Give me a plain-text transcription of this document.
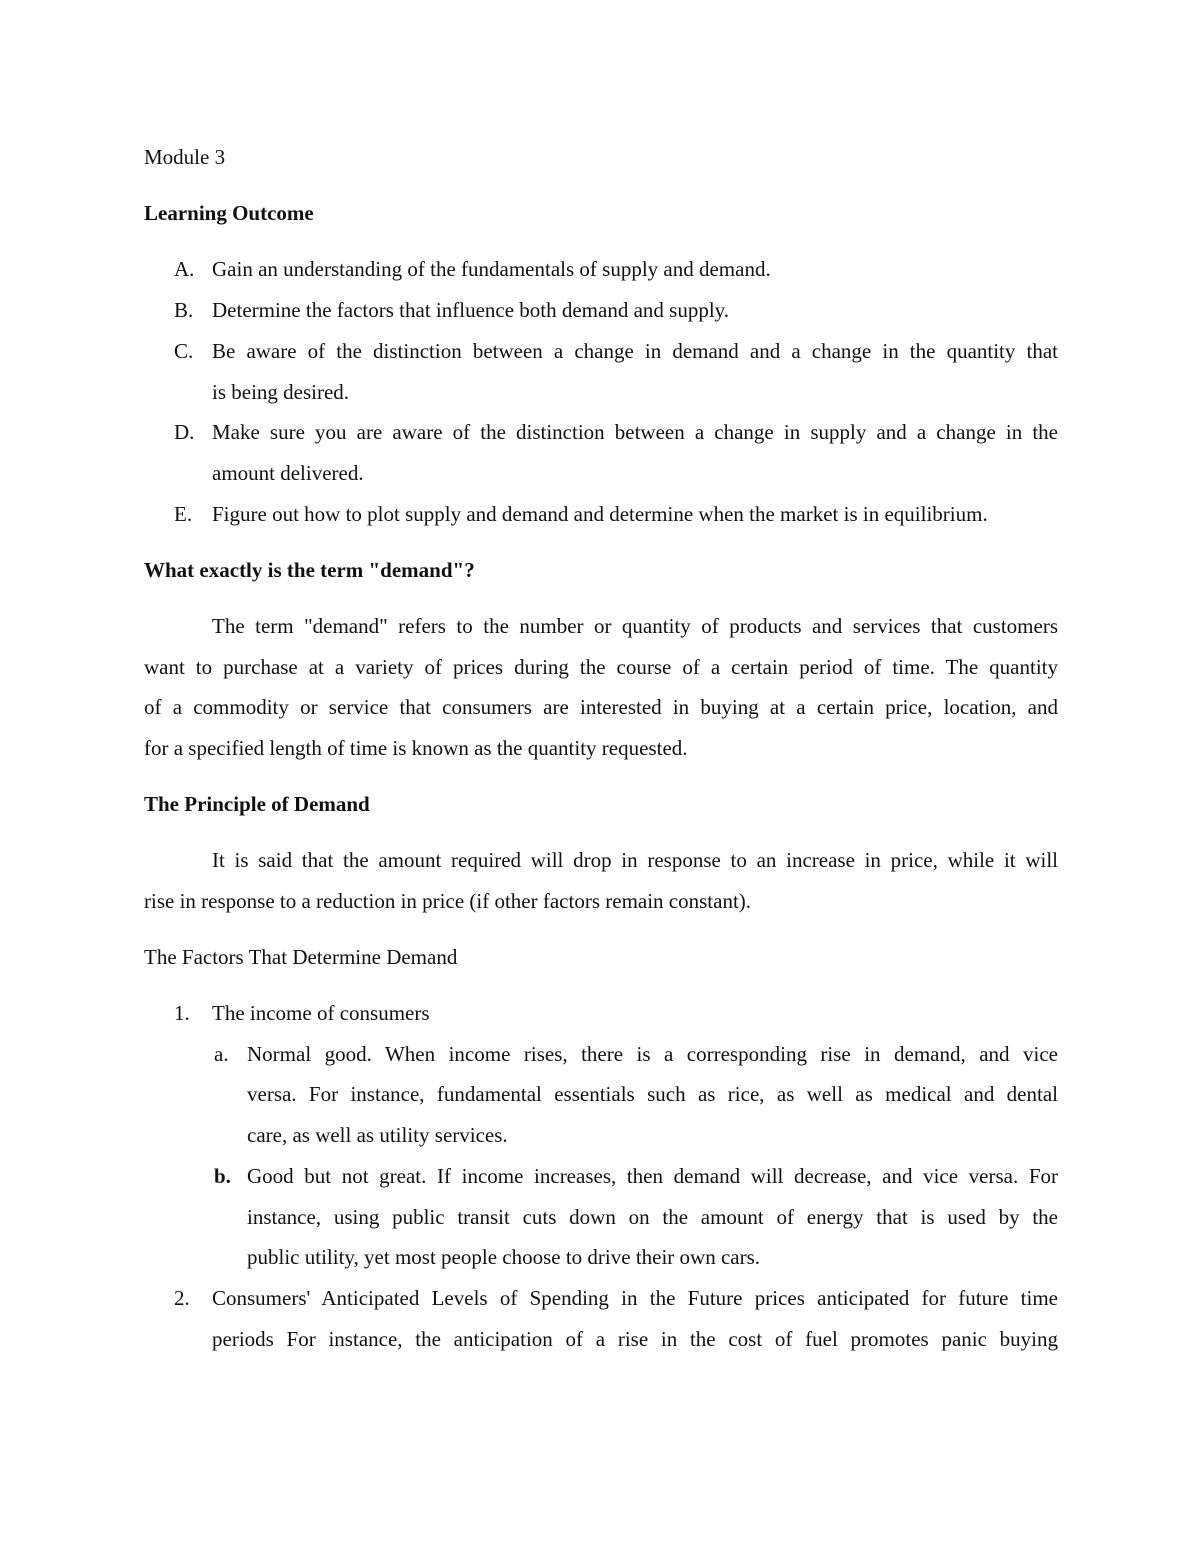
Module 3
Learning Outcome
A. Gain an understanding of the fundamentals of supply and demand.
B. Determine the factors that influence both demand and supply.
C. Be aware of the distinction between a change in demand and a change in the quantity that
is being desired.
D. Make sure you are aware of the distinction between a change in supply and a change in the
amount delivered.
E. Figure out how to plot supply and demand and determine when the market is in equilibrium.
What exactly is the term "demand"?
The term "demand" refers to the number or quantity of products and services that customers
want to purchase at a variety of prices during the course of a certain period of time. The quantity
of a commodity or service that consumers are interested in buying at a certain price, location, and
for a specified length of time is known as the quantity requested.
The Principle of Demand
It is said that the amount required will drop in response to an increase in price, while it will
rise in response to a reduction in price (if other factors remain constant).
The Factors That Determine Demand
1. The income of consumers
a. Normal good. When income rises, there is a corresponding rise in demand, and vice
versa. For instance, fundamental essentials such as rice, as well as medical and dental
care, as well as utility services.
b. Good but not great. If income increases, then demand will decrease, and vice versa. For
instance, using public transit cuts down on the amount of energy that is used by the
public utility, yet most people choose to drive their own cars.
2. Consumers' Anticipated Levels of Spending in the Future prices anticipated for future time
periods For instance, the anticipation of a rise in the cost of fuel promotes panic buying
